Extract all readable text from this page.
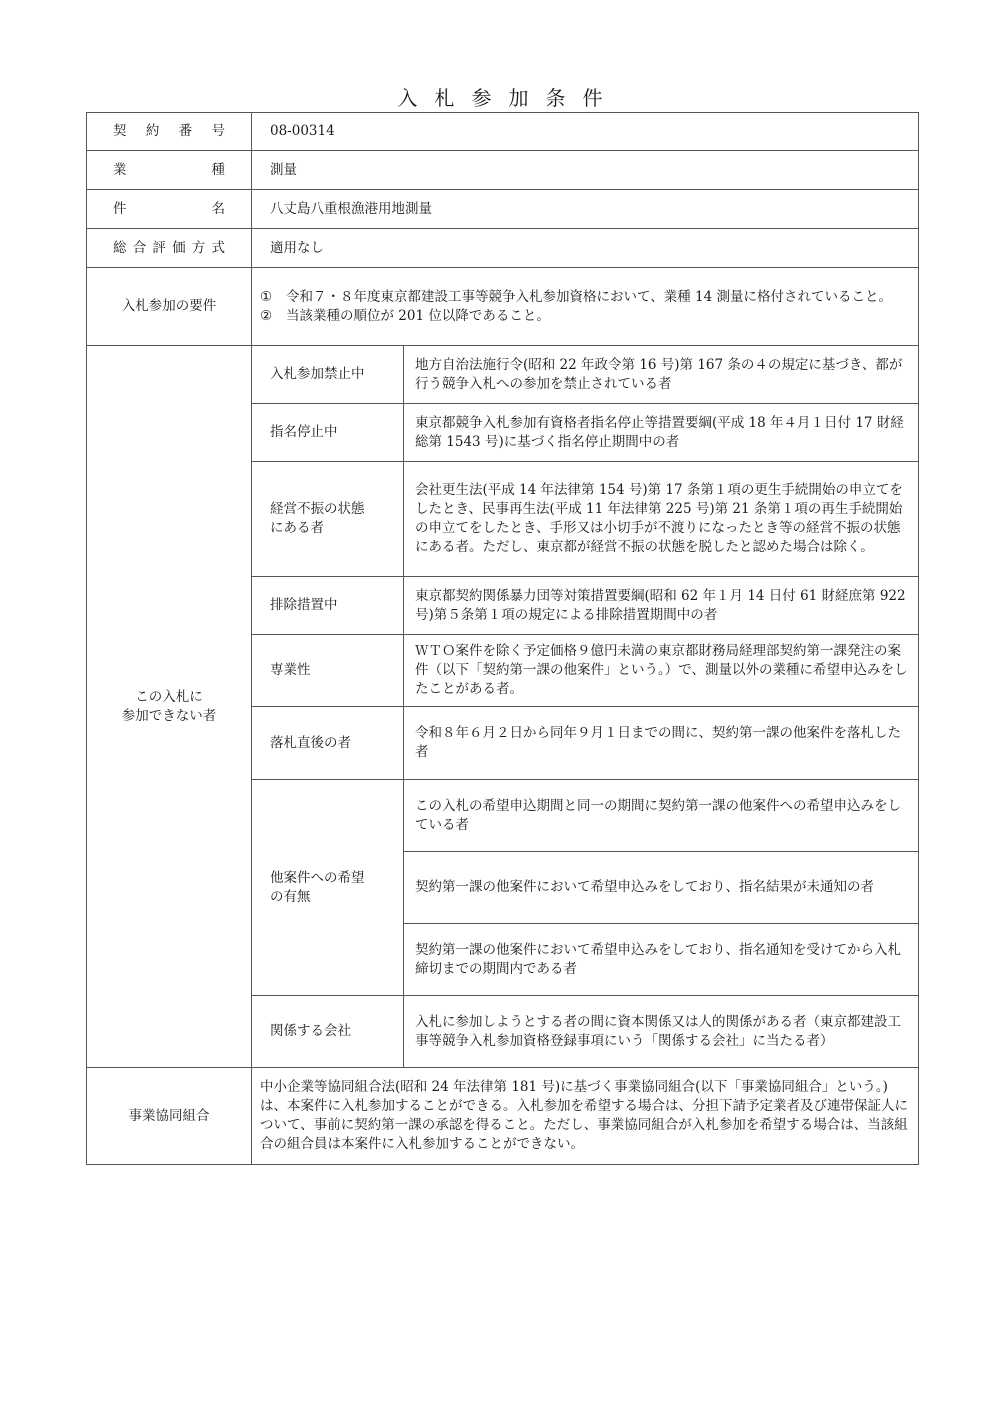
入札参加条件
契約番号	08-00314	
業種	測量	
件名	八丈島八重根漁港用地測量	
総合評価方式	適用なし	
入札参加の要件	① 令和７・８年度東京都建設工事等競争入札参加資格において、業種 14 測量に格付されていること。
② 当該業種の順位が 201 位以降であること。	

この入札に
参加できない者	入札参加禁止中	地方自治法施行令(昭和 22 年政令第 16 号)第 167 条の４の規定に基づき、都が行う競争入札への参加を禁止されている者
	指名停止中	東京都競争入札参加有資格者指名停止等措置要綱(平成 18 年４月１日付 17 財経総第 1543 号)に基づく指名停止期間中の者

	経営不振の状態
にある者	会社更生法(平成 14 年法律第 154 号)第 17 条第１項の更生手続開始の申立てをしたとき、民事再生法(平成 11 年法律第 225 号)第 21 条第１項の再生手続開始の申立てをしたとき、手形又は小切手が不渡りになったとき等の経営不振の状態にある者。ただし、東京都が経営不振の状態を脱したと認めた場合は除く。
	排除措置中	東京都契約関係暴力団等対策措置要綱(昭和 62 年１月 14 日付 61 財経庶第 922 号)第５条第１項の規定による排除措置期間中の者
	専業性	ＷＴＯ案件を除く予定価格９億円未満の東京都財務局経理部契約第一課発注の案件（以下「契約第一課の他案件」という。）で、測量以外の業種に希望申込みをしたことがある者。
	落札直後の者	令和８年６月２日から同年９月１日までの間に、契約第一課の他案件を落札した者

	他案件への希望
の有無	この入札の希望申込期間と同一の期間に契約第一課の他案件への希望申込みをしている者
		契約第一課の他案件において希望申込みをしており、指名結果が未通知の者
		契約第一課の他案件において希望申込みをしており、指名通知を受けてから入札締切までの期間内である者
	関係する会社	入札に参加しようとする者の間に資本関係又は人的関係がある者（東京都建設工事等競争入札参加資格登録事項にいう「関係する会社」に当たる者）
事業協同組合	中小企業等協同組合法(昭和 24 年法律第 181 号)に基づく事業協同組合(以下「事業協同組合」という。)は、本案件に入札参加することができる。入札参加を希望する場合は、分担下請予定業者及び連帯保証人について、事前に契約第一課の承認を得ること。ただし、事業協同組合が入札参加を希望する場合は、当該組合の組合員は本案件に入札参加することができない。	
